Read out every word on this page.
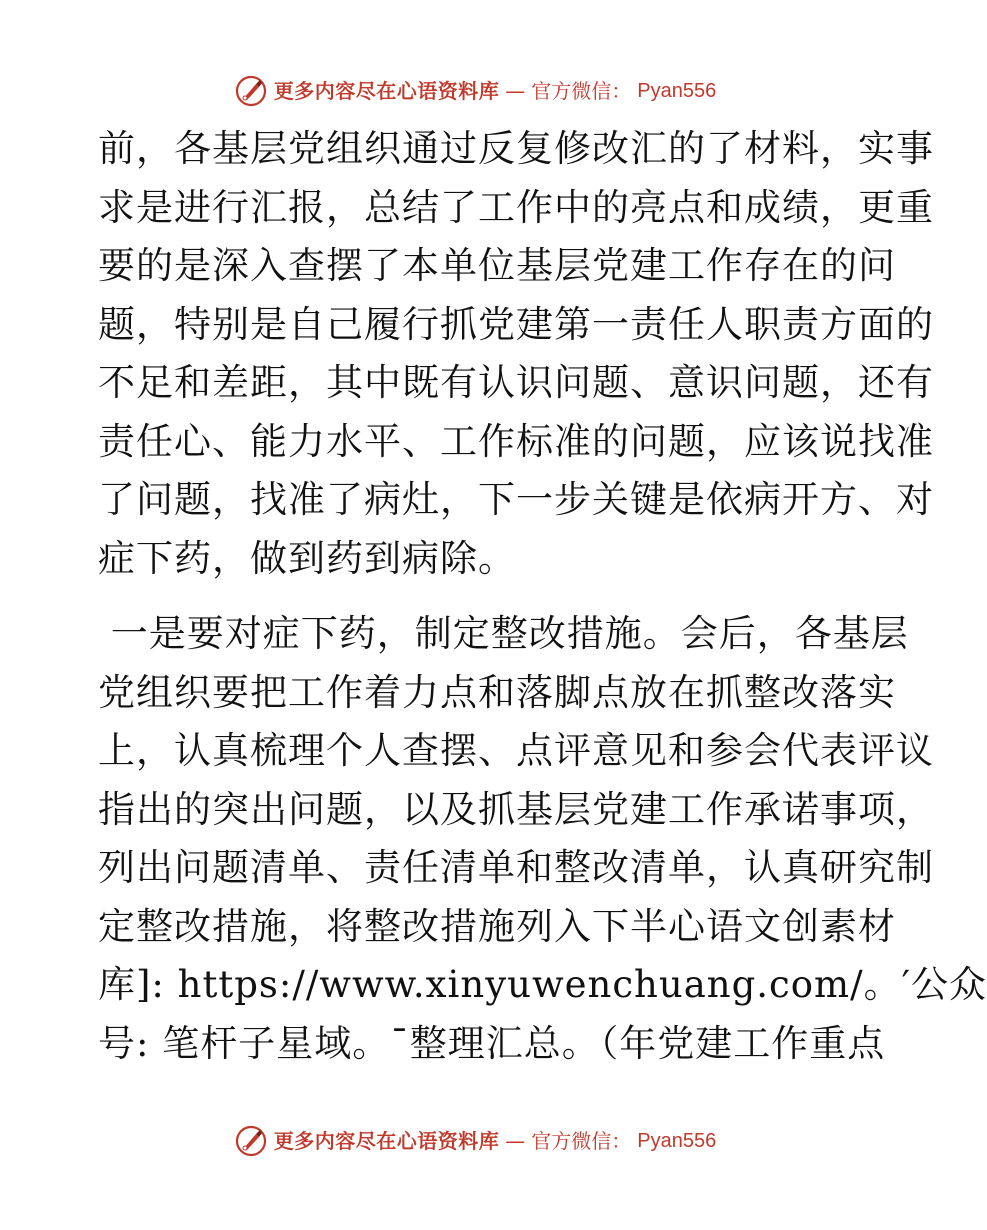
更多内容尽在心语资料库 — 官方微信： Pyan556
前，各基层党组织通过反复修改汇的了材料，实事
求是进行汇报，总结了工作中的亮点和成绩，更重
要的是深入查摆了本单位基层党建工作存在的问
题，特别是自己履行抓党建第一责任人职责方面的
不足和差距，其中既有认识问题、意识问题，还有
责任心、能力水平、工作标准的问题，应该说找准
了问题，找准了病灶，下一步关键是依病开方、对
症下药，做到药到病除。
一是要对症下药，制定整改措施。会后，各基层
党组织要把工作着力点和落脚点放在抓整改落实
上，认真梳理个人查摆、点评意见和参会代表评议
指出的突出问题，以及抓基层党建工作承诺事项，
列出问题清单、责任清单和整改清单，认真研究制
定整改措施，将整改措施列入下半心语文创素材
库]: https://www.xinyuwenchuang.com/。′公众
号: 笔杆子星域。¯整理汇总。（年党建工作重点
更多内容尽在心语资料库 — 官方微信： Pyan556
